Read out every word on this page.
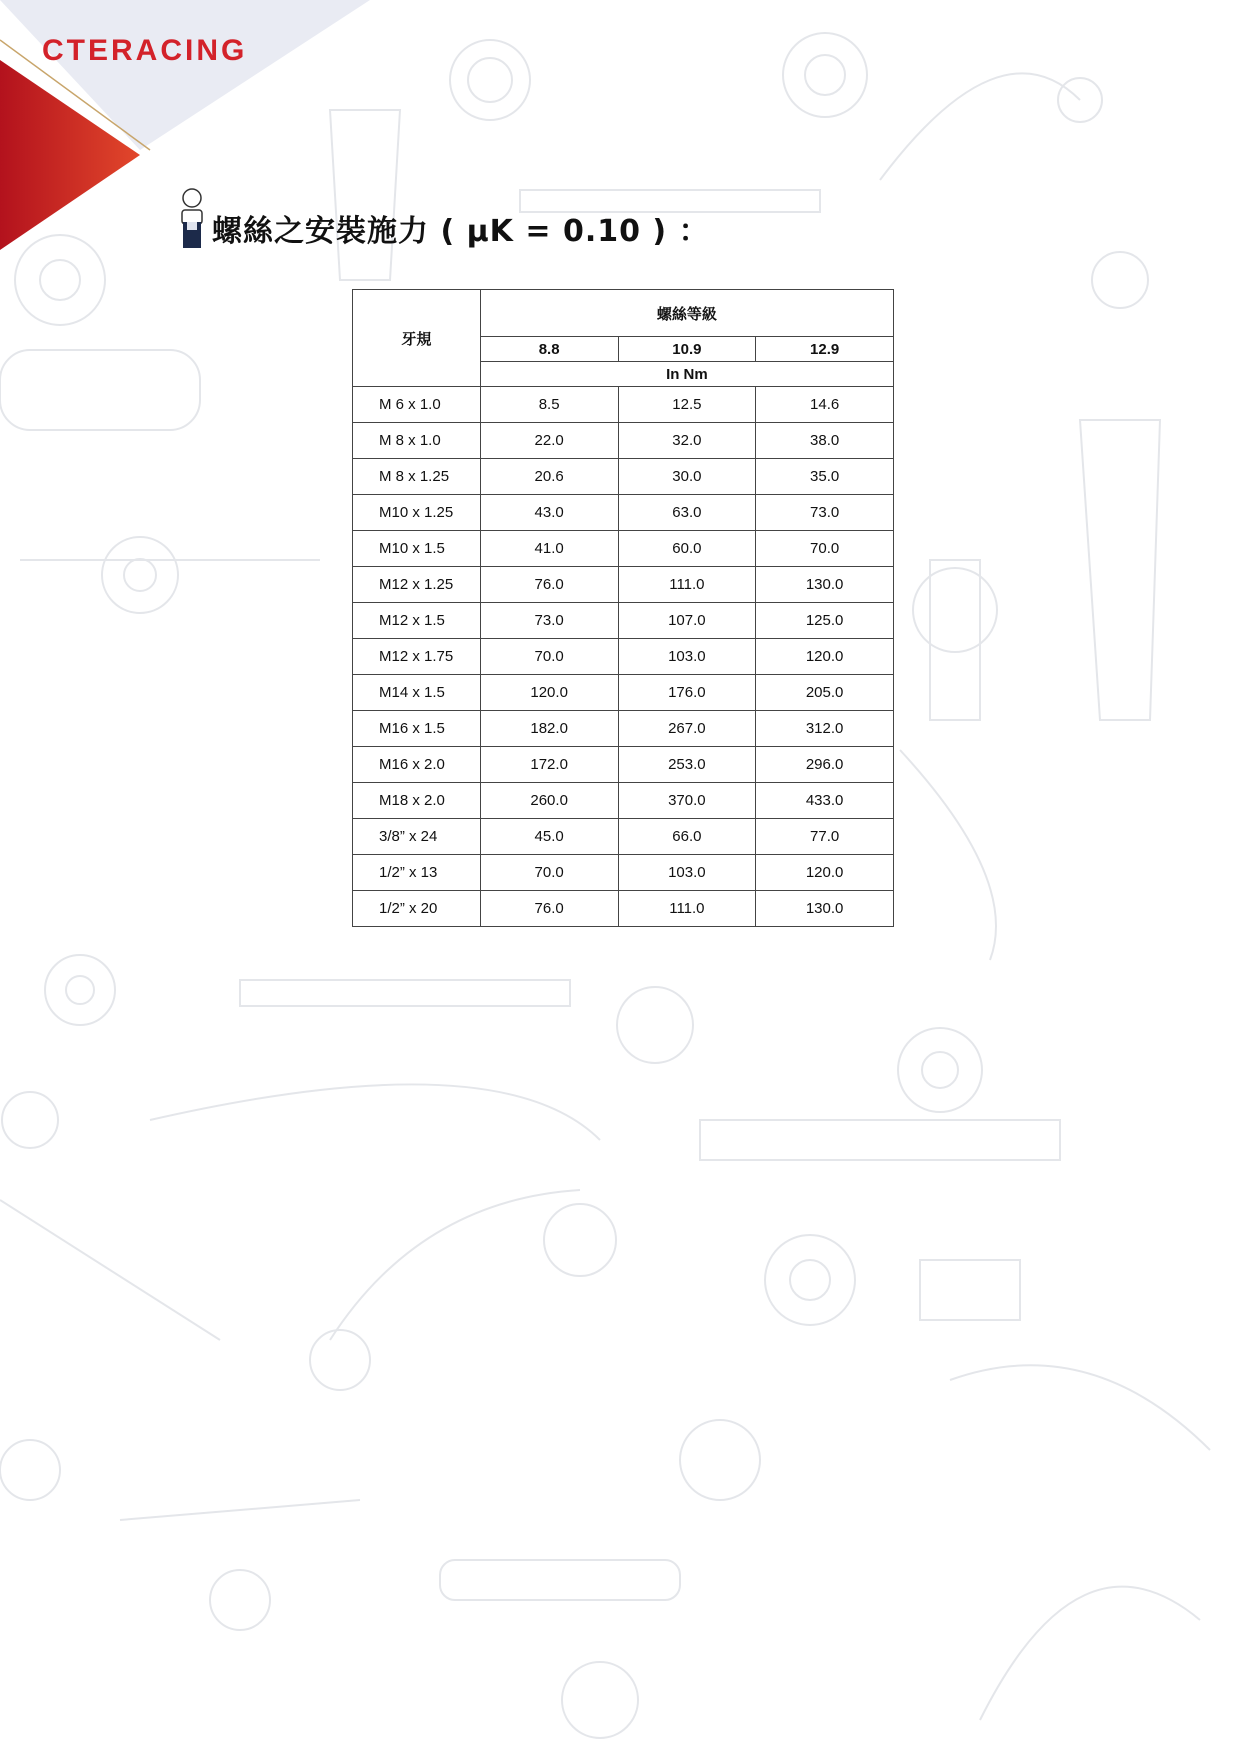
CTERACING
螺絲之安裝施力 ( µK = 0.10 ) ：
牙規	螺絲等級		
	8.8	10.9	12.9
	In Nm		
M 6 x 1.0	8.5	12.5	14.6
M 8 x 1.0	22.0	32.0	38.0
M 8 x 1.25	20.6	30.0	35.0
M10 x 1.25	43.0	63.0	73.0
M10 x 1.5	41.0	60.0	70.0
M12 x 1.25	76.0	111.0	130.0
M12 x 1.5	73.0	107.0	125.0
M12 x 1.75	70.0	103.0	120.0
M14 x 1.5	120.0	176.0	205.0
M16 x 1.5	182.0	267.0	312.0
M16 x 2.0	172.0	253.0	296.0
M18 x 2.0	260.0	370.0	433.0
3/8” x 24	45.0	66.0	77.0
1/2” x 13	70.0	103.0	120.0
1/2” x 20	76.0	111.0	130.0
